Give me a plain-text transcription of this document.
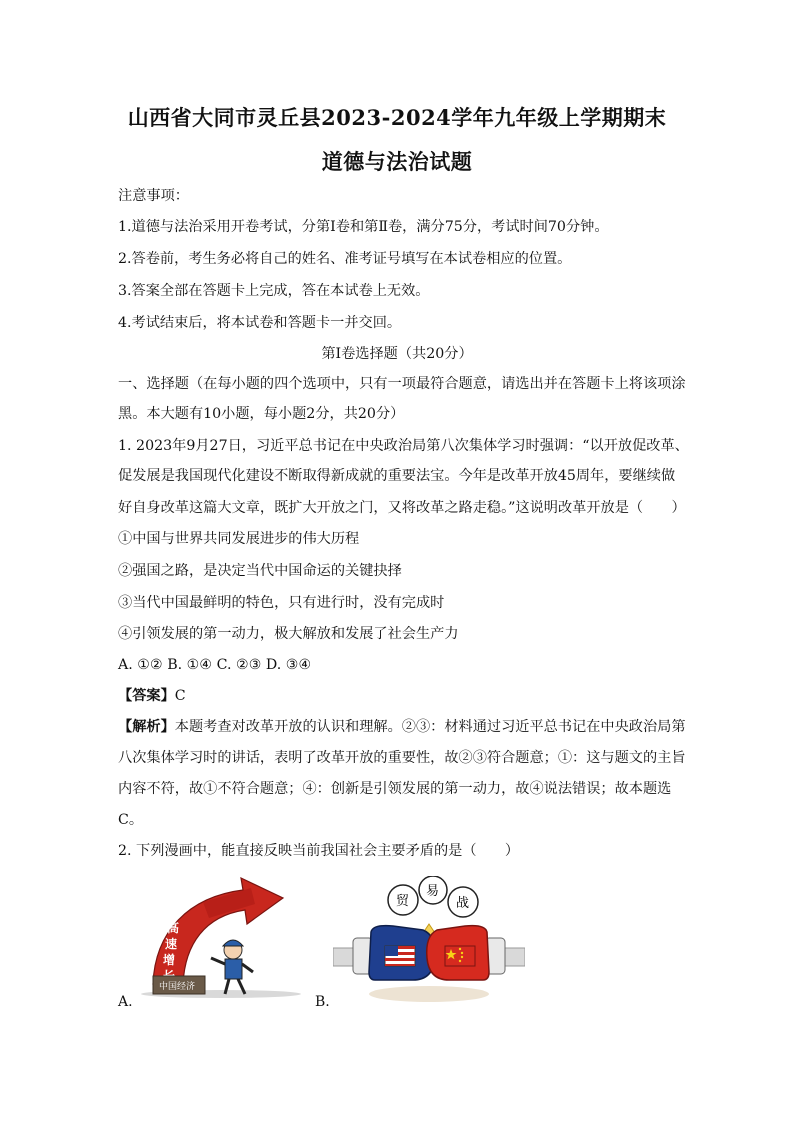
山西省大同市灵丘县2023-2024学年九年级上学期期末
道德与法治试题
注意事项：
1.道德与法治采用开卷考试，分第Ⅰ卷和第Ⅱ卷，满分75分，考试时间70分钟。
2.答卷前，考生务必将自己的姓名、准考证号填写在本试卷相应的位置。
3.答案全部在答题卡上完成，答在本试卷上无效。
4.考试结束后，将本试卷和答题卡一并交回。
第Ⅰ卷选择题（共20分）
一、选择题（在每小题的四个选项中，只有一项最符合题意，请选出并在答题卡上将该项涂
黑。本大题有10小题，每小题2分，共20分）
1. 2023年9月27日，习近平总书记在中央政治局第八次集体学习时强调：“以开放促改革、
促发展是我国现代化建设不断取得新成就的重要法宝。今年是改革开放45周年，要继续做
好自身改革这篇大文章，既扩大开放之门，又将改革之路走稳。”这说明改革开放是（　　）
①中国与世界共同发展进步的伟大历程
②强国之路，是决定当代中国命运的关键抉择
③当代中国最鲜明的特色，只有进行时，没有完成时
④引领发展的第一动力，极大解放和发展了社会生产力
A. ①② B. ①④ C. ②③ D. ③④
【答案】C
【解析】本题考查对改革开放的认识和理解。②③：材料通过习近平总书记在中央政治局第
八次集体学习时的讲话，表明了改革开放的重要性，故②③符合题意；①：这与题文的主旨
内容不符，故①不符合题意；④：创新是引领发展的第一动力，故④说法错误；故本题选
C。
2. 下列漫画中，能直接反映当前我国社会主要矛盾的是（　　）
高
速
增
中国经济
A.
贸
易
战
B.
